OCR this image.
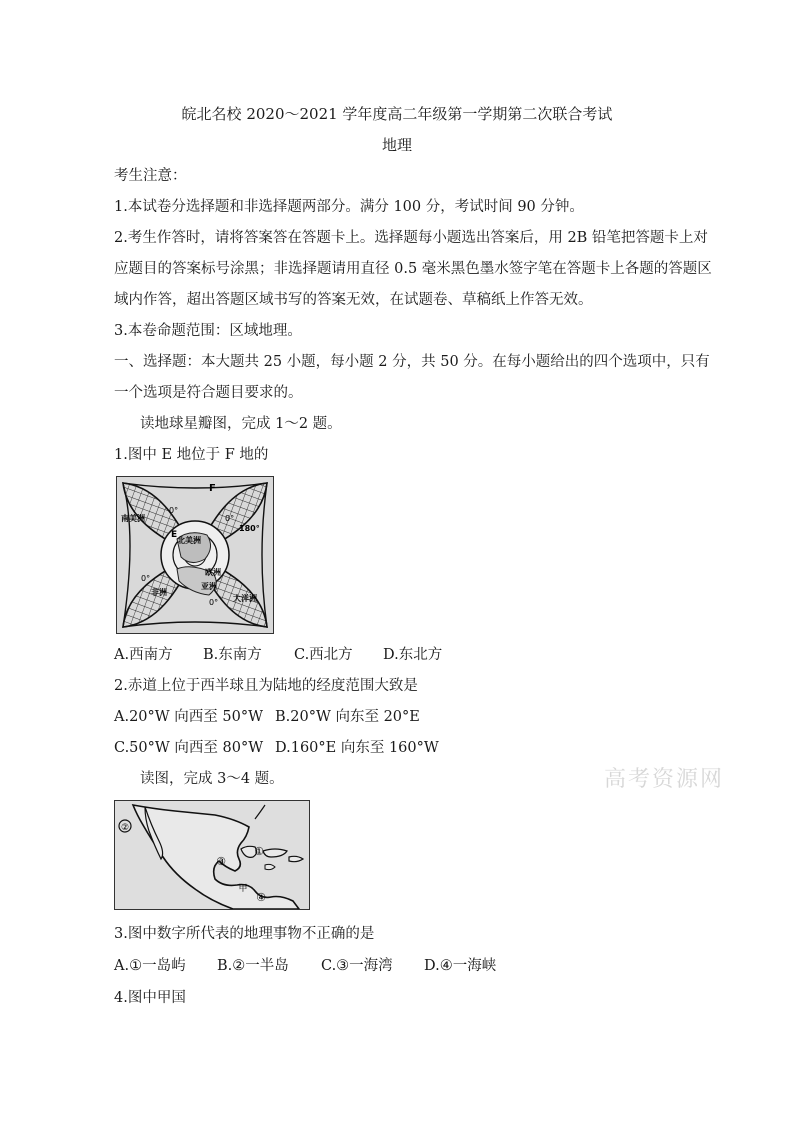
皖北名校 2020～2021 学年度高二年级第一学期第二次联合考试
地理
考生注意：
1.本试卷分选择题和非选择题两部分。满分 100 分，考试时间 90 分钟。
2.考生作答时，请将答案答在答题卡上。选择题每小题选出答案后，用 2B 铅笔把答题卡上对
应题目的答案标号涂黑；非选择题请用直径 0.5 毫米黑色墨水签字笔在答题卡上各题的答题区
域内作答，超出答题区域书写的答案无效，在试题卷、草稿纸上作答无效。
3.本卷命题范围：区域地理。
一、选择题：本大题共 25 小题，每小题 2 分，共 50 分。在每小题给出的四个选项中，只有
一个选项是符合题目要求的。
读地球星瓣图，完成 1～2 题。
1.图中 E 地位于 F 地的
F
E
0°
0°
180°
0°
0°
南美洲
北美洲
欧洲
非洲
亚洲
大洋洲
A.西南方 B.东南方 C.西北方 D.东北方
2.赤道上位于西半球且为陆地的经度范围大致是
A.20°W 向西至 50°W B.20°W 向东至 20°E
C.50°W 向西至 80°W D.160°E 向东至 160°W
读图，完成 3～4 题。
②
③
①
甲
④
3.图中数字所代表的地理事物不正确的是
A.①一岛屿 B.②一半岛 C.③一海湾 D.④一海峡
4.图中甲国
高考资源网
